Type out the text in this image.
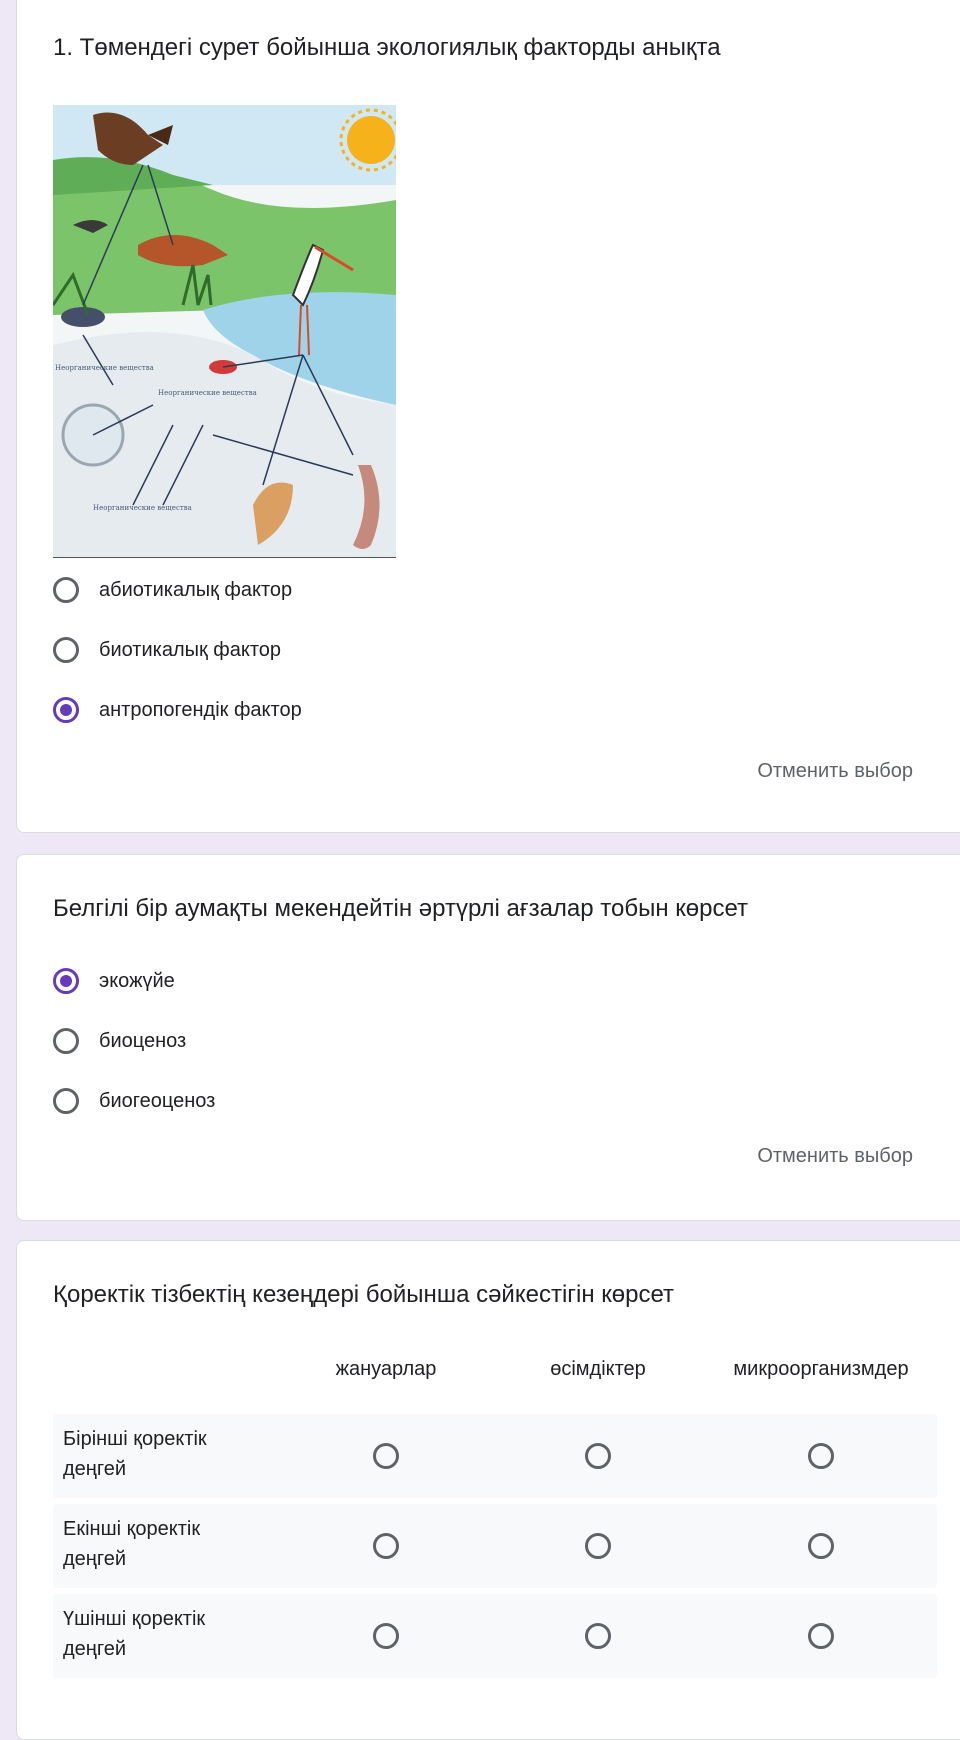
1. Төмендегі сурет бойынша экологиялық факторды анықта
Неорганические вещества
Неорганические вещества
Неорганические вещества
абиотикалық фактор
биотикалық фактор
антропогендік фактор
Отменить выбор
Белгілі бір аумақты мекендейтін әртүрлі ағзалар тобын көрсет
экожүйе
биоценоз
биогеоценоз
Отменить выбор
Қоректік тізбектің кезеңдері бойынша сәйкестігін көрсет
жануарлар	өсімдіктер	микроорганизмдер
Бірінші қоректік деңгей
Екінші қоректік деңгей
Үшінші қоректік деңгей
